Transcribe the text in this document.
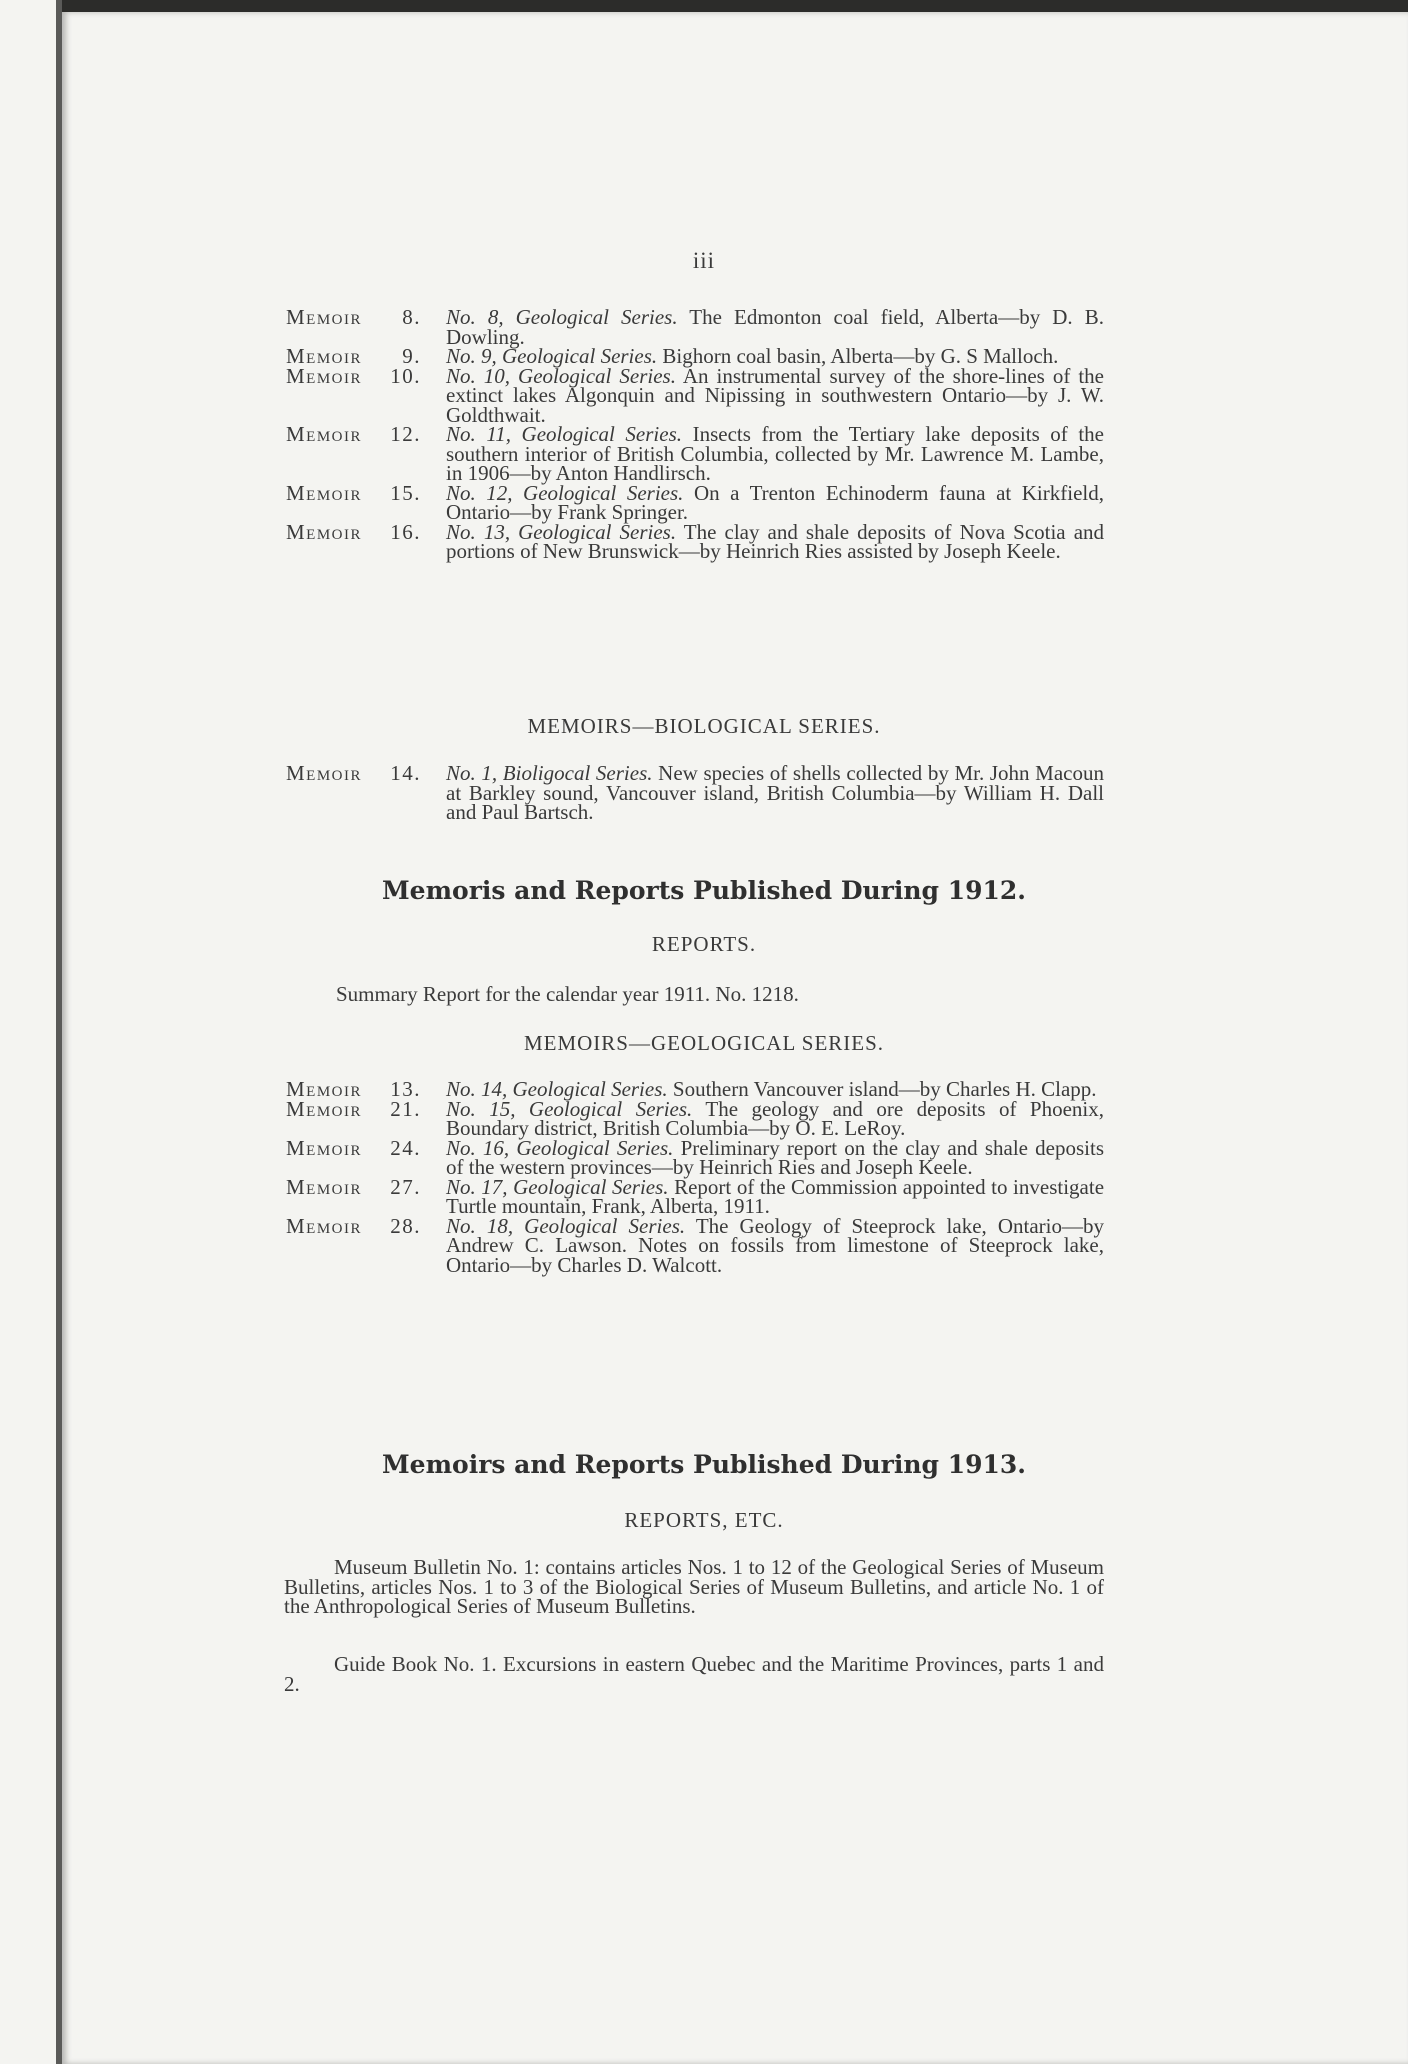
iii
Memoir 8. No. 8, Geological Series. The Edmonton coal field, Alberta—by D. B. Dowling.
Memoir 9. No. 9, Geological Series. Bighorn coal basin, Alberta—by G. S Malloch.
Memoir 10. No. 10, Geological Series. An instrumental survey of the shore-lines of the extinct lakes Algonquin and Nipissing in southwestern Ontario—by J. W. Goldthwait.
Memoir 12. No. 11, Geological Series. Insects from the Tertiary lake deposits of the southern interior of British Columbia, collected by Mr. Lawrence M. Lambe, in 1906—by Anton Handlirsch.
Memoir 15. No. 12, Geological Series. On a Trenton Echinoderm fauna at Kirkfield, Ontario—by Frank Springer.
Memoir 16. No. 13, Geological Series. The clay and shale deposits of Nova Scotia and portions of New Brunswick—by Heinrich Ries assisted by Joseph Keele.
MEMOIRS—BIOLOGICAL SERIES.
Memoir 14. No. 1, Bioligocal Series. New species of shells collected by Mr. John Macoun at Barkley sound, Vancouver island, British Columbia—by William H. Dall and Paul Bartsch.
Memoris and Reports Published During 1912.
REPORTS.
Summary Report for the calendar year 1911. No. 1218.
MEMOIRS—GEOLOGICAL SERIES.
Memoir 13. No. 14, Geological Series. Southern Vancouver island—by Charles H. Clapp.
Memoir 21. No. 15, Geological Series. The geology and ore deposits of Phoenix, Boundary district, British Columbia—by O. E. LeRoy.
Memoir 24. No. 16, Geological Series. Preliminary report on the clay and shale deposits of the western provinces—by Heinrich Ries and Joseph Keele.
Memoir 27. No. 17, Geological Series. Report of the Commission appointed to investigate Turtle mountain, Frank, Alberta, 1911.
Memoir 28. No. 18, Geological Series. The Geology of Steeprock lake, Ontario—by Andrew C. Lawson. Notes on fossils from limestone of Steeprock lake, Ontario—by Charles D. Walcott.
Memoirs and Reports Published During 1913.
REPORTS, ETC.
Museum Bulletin No. 1: contains articles Nos. 1 to 12 of the Geological Series of Museum Bulletins, articles Nos. 1 to 3 of the Biological Series of Museum Bulletins, and article No. 1 of the Anthropological Series of Museum Bulletins.
Guide Book No. 1. Excursions in eastern Quebec and the Maritime Provinces, parts 1 and 2.
